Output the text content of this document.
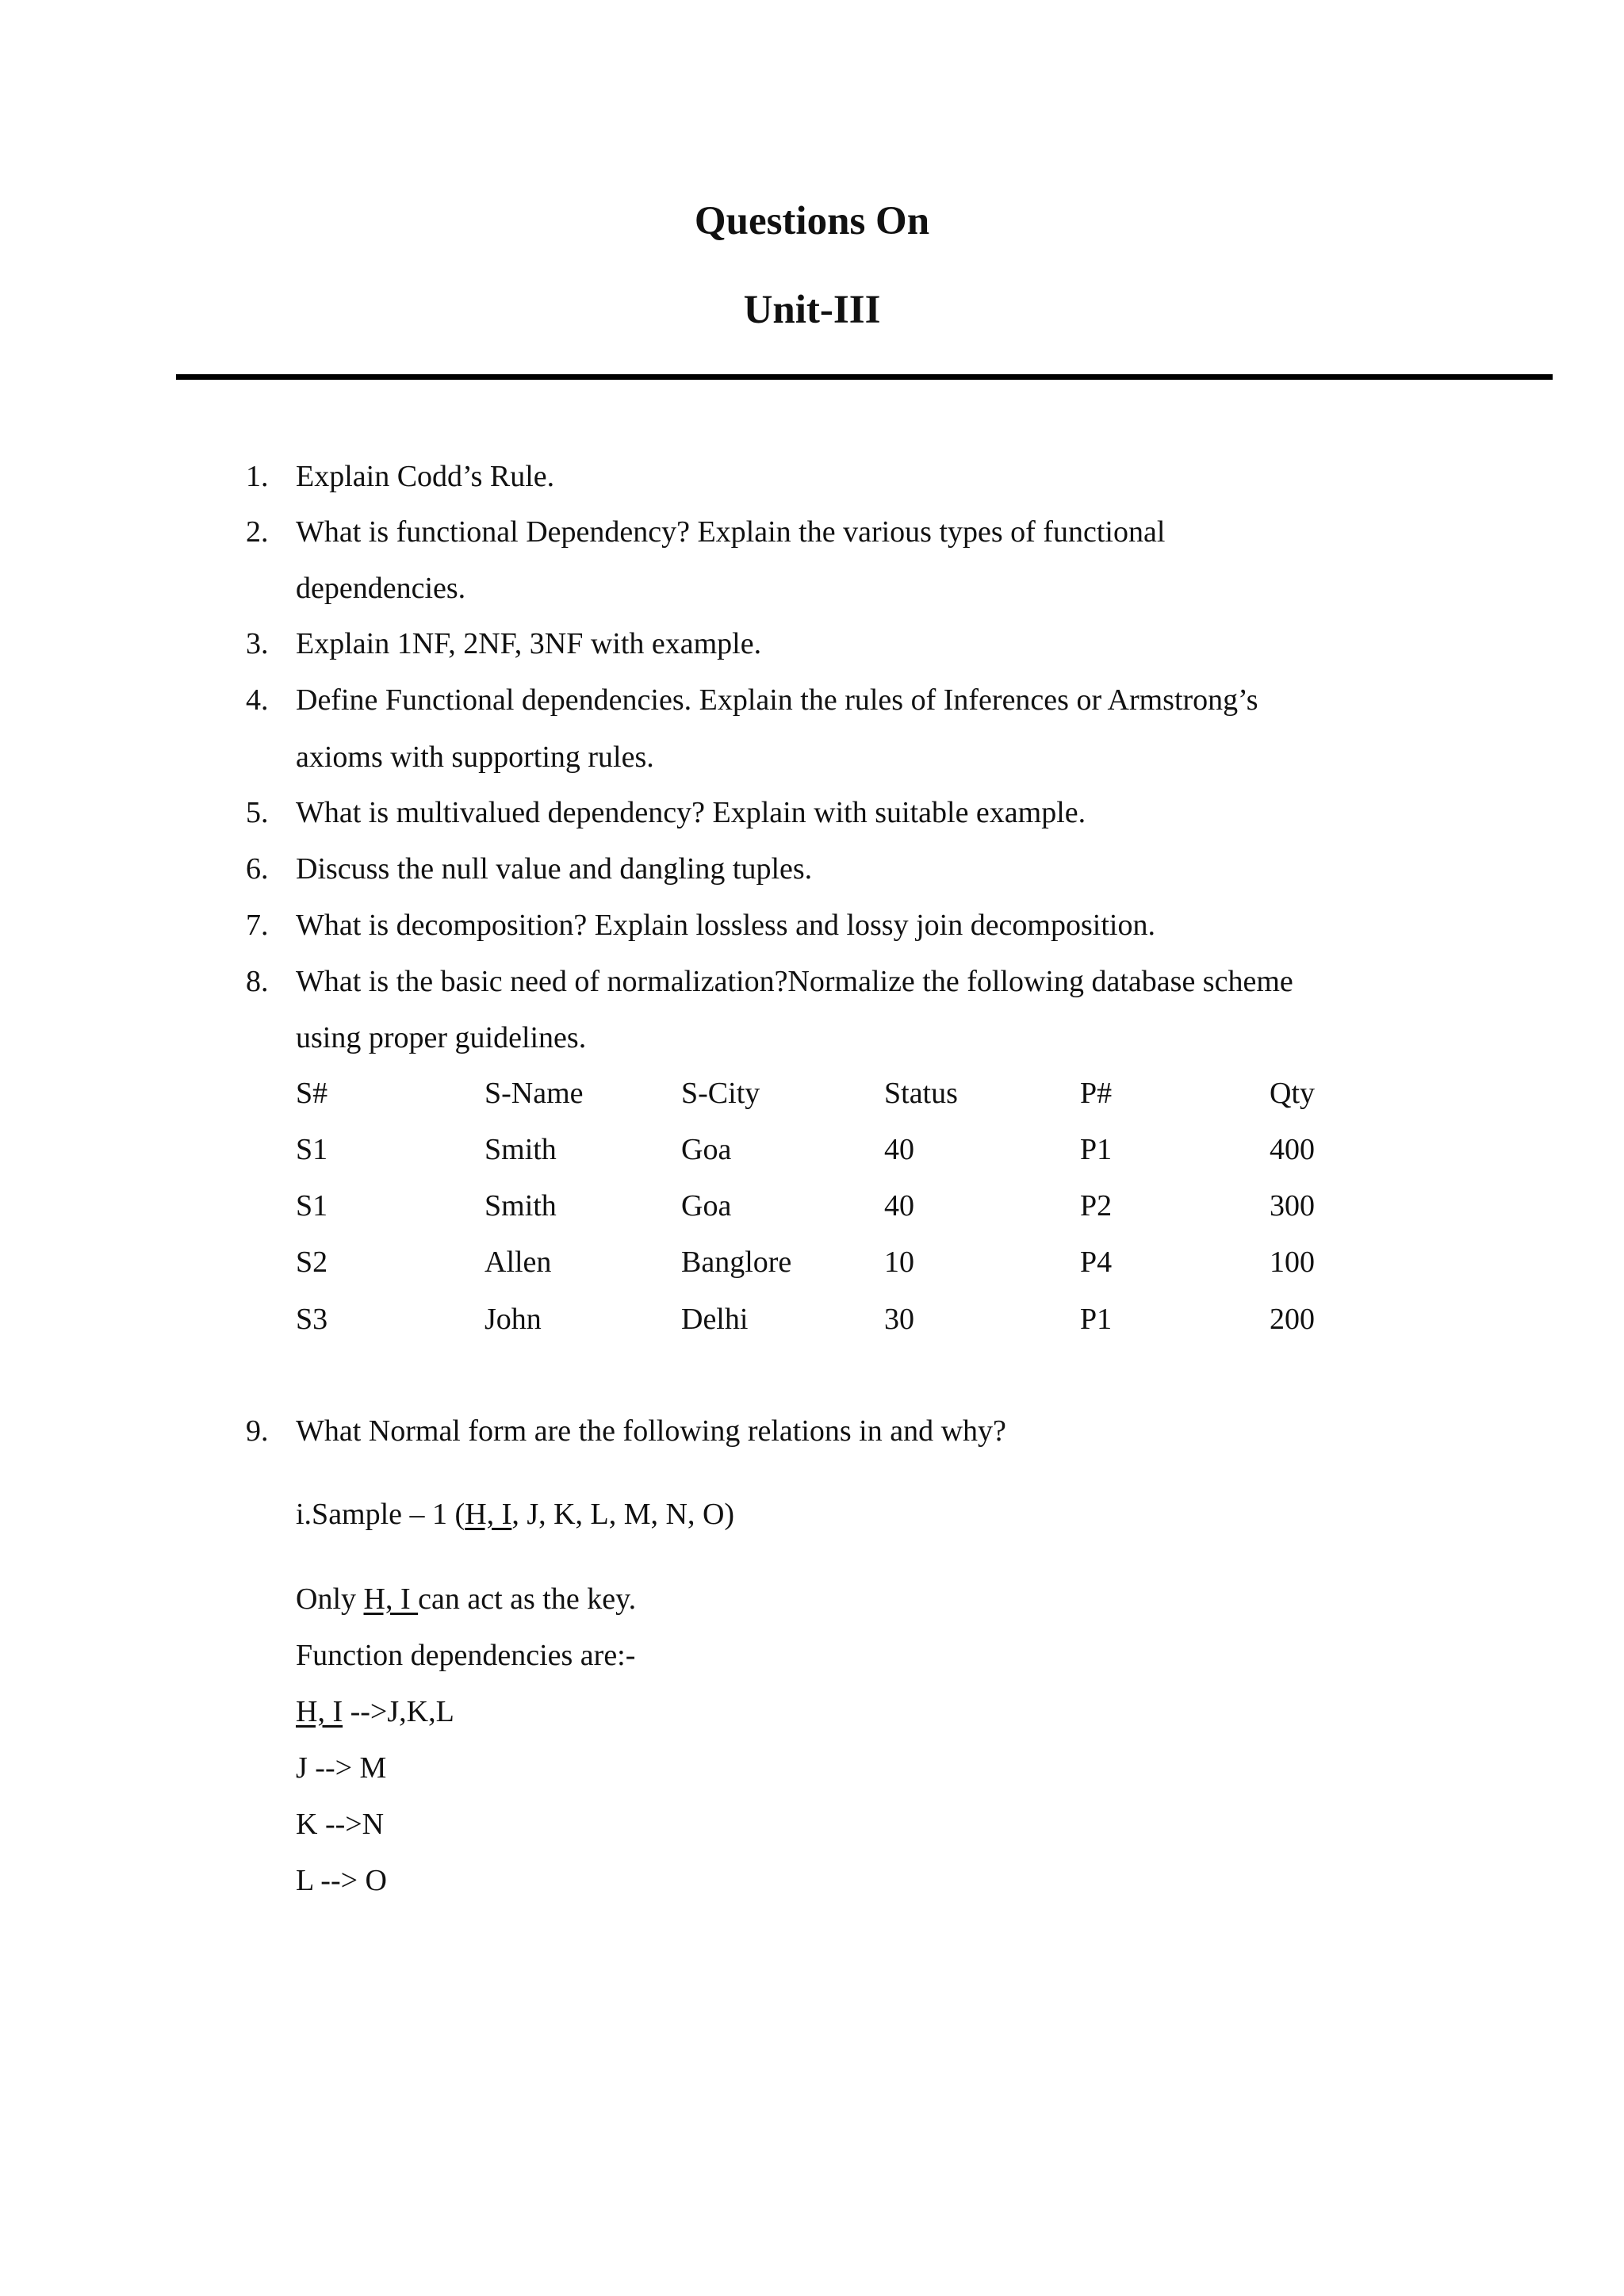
Questions On
Unit-III
1. Explain Codd’s Rule.
2. What is functional Dependency? Explain the various types of functional
dependencies.
3. Explain 1NF, 2NF, 3NF with example.
4. Define Functional dependencies. Explain the rules of Inferences or Armstrong’s
axioms with supporting rules.
5. What is multivalued dependency? Explain with suitable example.
6. Discuss the null value and dangling tuples.
7. What is decomposition? Explain lossless and lossy join decomposition.
8. What is the basic need of normalization?Normalize the following database scheme
using proper guidelines.
S#	S-Name	S-City	Status	P#	Qty
S1	Smith	Goa	40	P1	400
S1	Smith	Goa	40	P2	300
S2	Allen	Banglore	10	P4	100
S3	John	Delhi	30	P1	200
9. What Normal form are the following relations in and why?
i.Sample – 1 (H, I, J, K, L, M, N, O)
Only H, I can act as the key.
Function dependencies are:-
H, I -->J,K,L
J --> M
K -->N
L --> O
